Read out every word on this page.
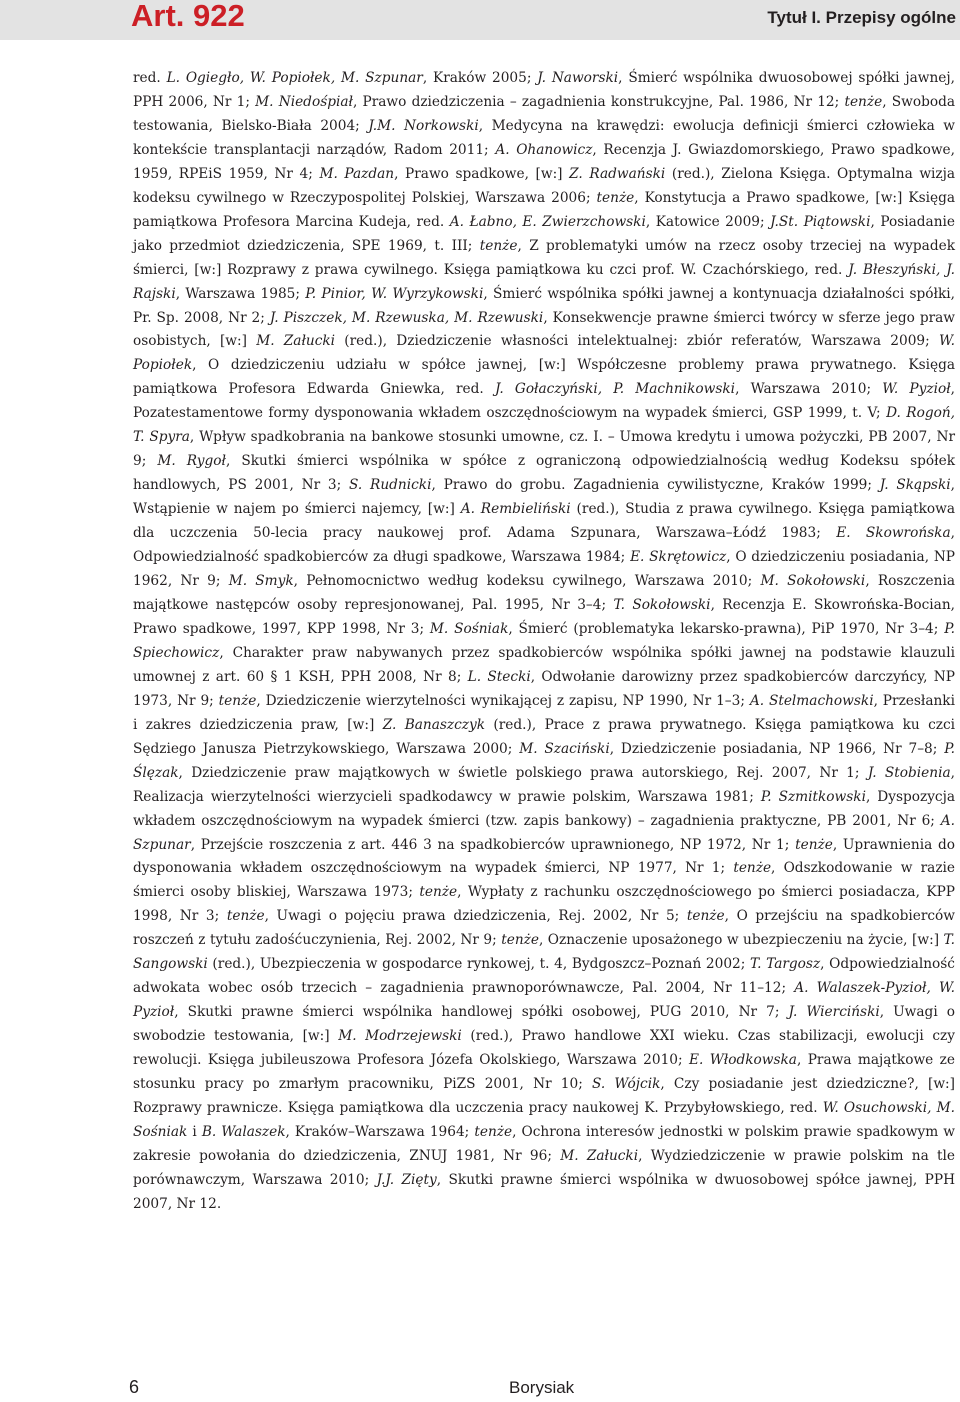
Art. 922	Tytuł I. Przepisy ogólne

red. L. Ogiegło, W. Popiołek, M. Szpunar, Kraków 2005; J. Naworski, Śmierć wspólnika dwuosobowej spółki jawnej, PPH 2006, Nr 1; M. Niedośpiał, Prawo dziedziczenia – zagadnienia konstrukcyjne, Pal. 1986, Nr 12; tenże, Swoboda testowania, Bielsko-Biała 2004; J.M. Norkowski, Medycyna na krawędzi: ewolucja definicji śmierci człowieka w kontekście transplantacji narządów, Radom 2011; A. Ohanowicz, Recenzja J. Gwiazdomorskiego, Prawo spadkowe, 1959, RPEiS 1959, Nr 4; M. Pazdan, Prawo spadkowe, [w:] Z. Radwański (red.), Zielona Księga. Optymalna wizja kodeksu cywilnego w Rzeczypospolitej Polskiej, Warszawa 2006; tenże, Konstytucja a Prawo spadkowe, [w:] Księga pamiątkowa Profesora Marcina Kudeja, red. A. Łabno, E. Zwierzchowski, Katowice 2009; J.St. Piątowski, Posiadanie jako przedmiot dziedziczenia, SPE 1969, t. III; tenże, Z problematyki umów na rzecz osoby trzeciej na wypadek śmierci, [w:] Rozprawy z prawa cywilnego. Księga pamiątkowa ku czci prof. W. Czachórskiego, red. J. Błeszyński, J. Rajski, Warszawa 1985; P. Pinior, W. Wyrzykowski, Śmierć wspólnika spółki jawnej a kontynuacja działalności spółki, Pr. Sp. 2008, Nr 2; J. Piszczek, M. Rzewuska, M. Rzewuski, Konsekwencje prawne śmierci twórcy w sferze jego praw osobistych, [w:] M. Załucki (red.), Dziedziczenie własności intelektualnej: zbiór referatów, Warszawa 2009; W. Popiołek, O dziedziczeniu udziału w spółce jawnej, [w:] Współczesne problemy prawa prywatnego. Księga pamiątkowa Profesora Edwarda Gniewka, red. J. Gołaczyński, P. Machnikowski, Warszawa 2010; W. Pyzioł, Pozatestamentowe formy dysponowania wkładem oszczędnościowym na wypadek śmierci, GSP 1999, t. V; D. Rogoń, T. Spyra, Wpływ spadkobrania na bankowe stosunki umowne, cz. I. – Umowa kredytu i umowa pożyczki, PB 2007, Nr 9; M. Rygoł, Skutki śmierci wspólnika w spółce z ograniczoną odpowiedzialnością według Kodeksu spółek handlowych, PS 2001, Nr 3; S. Rudnicki, Prawo do grobu. Zagadnienia cywilistyczne, Kraków 1999; J. Skąpski, Wstąpienie w najem po śmierci najemcy, [w:] A. Rembieliński (red.), Studia z prawa cywilnego. Księga pamiątkowa dla uczczenia 50-lecia pracy naukowej prof. Adama Szpunara, Warszawa–Łódź 1983; E. Skowrońska, Odpowiedzialność spadkobierców za długi spadkowe, Warszawa 1984; E. Skrętowicz, O dziedziczeniu posiadania, NP 1962, Nr 9; M. Smyk, Pełnomocnictwo według kodeksu cywilnego, Warszawa 2010; M. Sokołowski, Roszczenia majątkowe następców osoby represjonowanej, Pal. 1995, Nr 3–4; T. Sokołowski, Recenzja E. Skowrońska-Bocian, Prawo spadkowe, 1997, KPP 1998, Nr 3; M. Sośniak, Śmierć (problematyka lekarsko-prawna), PiP 1970, Nr 3–4; P. Spiechowicz, Charakter praw nabywanych przez spadkobierców wspólnika spółki jawnej na podstawie klauzuli umownej z art. 60 § 1 KSH, PPH 2008, Nr 8; L. Stecki, Odwołanie darowizny przez spadkobierców darczyńcy, NP 1973, Nr 9; tenże, Dziedziczenie wierzytelności wynikającej z zapisu, NP 1990, Nr 1–3; A. Stelmachowski, Przesłanki i zakres dziedziczenia praw, [w:] Z. Banaszczyk (red.), Prace z prawa prywatnego. Księga pamiątkowa ku czci Sędziego Janusza Pietrzykowskiego, Warszawa 2000; M. Szaciński, Dziedziczenie posiadania, NP 1966, Nr 7–8; P. Ślęzak, Dziedziczenie praw majątkowych w świetle polskiego prawa autorskiego, Rej. 2007, Nr 1; J. Stobienia, Realizacja wierzytelności wierzycieli spadkodawcy w prawie polskim, Warszawa 1981; P. Szmitkowski, Dyspozycja wkładem oszczędnościowym na wypadek śmierci (tzw. zapis bankowy) – zagadnienia praktyczne, PB 2001, Nr 6; A. Szpunar, Przejście roszczenia z art. 446 3 na spadkobierców uprawnionego, NP 1972, Nr 1; tenże, Uprawnienia do dysponowania wkładem oszczędnościowym na wypadek śmierci, NP 1977, Nr 1; tenże, Odszkodowanie w razie śmierci osoby bliskiej, Warszawa 1973; tenże, Wypłaty z rachunku oszczędnościowego po śmierci posiadacza, KPP 1998, Nr 3; tenże, Uwagi o pojęciu prawa dziedziczenia, Rej. 2002, Nr 5; tenże, O przejściu na spadkobierców roszczeń z tytułu zadośćuczynienia, Rej. 2002, Nr 9; tenże, Oznaczenie uposażonego w ubezpieczeniu na życie, [w:] T. Sangowski (red.), Ubezpieczenia w gospodarce rynkowej, t. 4, Bydgoszcz–Poznań 2002; T. Targosz, Odpowiedzialność adwokata wobec osób trzecich – zagadnienia prawnoporównawcze, Pal. 2004, Nr 11–12; A. Walaszek-Pyzioł, W. Pyzioł, Skutki prawne śmierci wspólnika handlowej spółki osobowej, PUG 2010, Nr 7; J. Wierciński, Uwagi o swobodzie testowania, [w:] M. Modrzejewski (red.), Prawo handlowe XXI wieku. Czas stabilizacji, ewolucji czy rewolucji. Księga jubileuszowa Profesora Józefa Okolskiego, Warszawa 2010; E. Włodkowska, Prawa majątkowe ze stosunku pracy po zmarłym pracowniku, PiZS 2001, Nr 10; S. Wójcik, Czy posiadanie jest dziedziczne?, [w:] Rozprawy prawnicze. Księga pamiątkowa dla uczczenia pracy naukowej K. Przybyłowskiego, red. W. Osuchowski, M. Sośniak i B. Walaszek, Kraków–Warszawa 1964; tenże, Ochrona interesów jednostki w polskim prawie spadkowym w zakresie powołania do dziedziczenia, ZNUJ 1981, Nr 96; M. Załucki, Wydziedziczenie w prawie polskim na tle porównawczym, Warszawa 2010; J.J. Zięty, Skutki prawne śmierci wspólnika w dwuosobowej spółce jawnej, PPH 2007, Nr 12.

6	Borysiak
